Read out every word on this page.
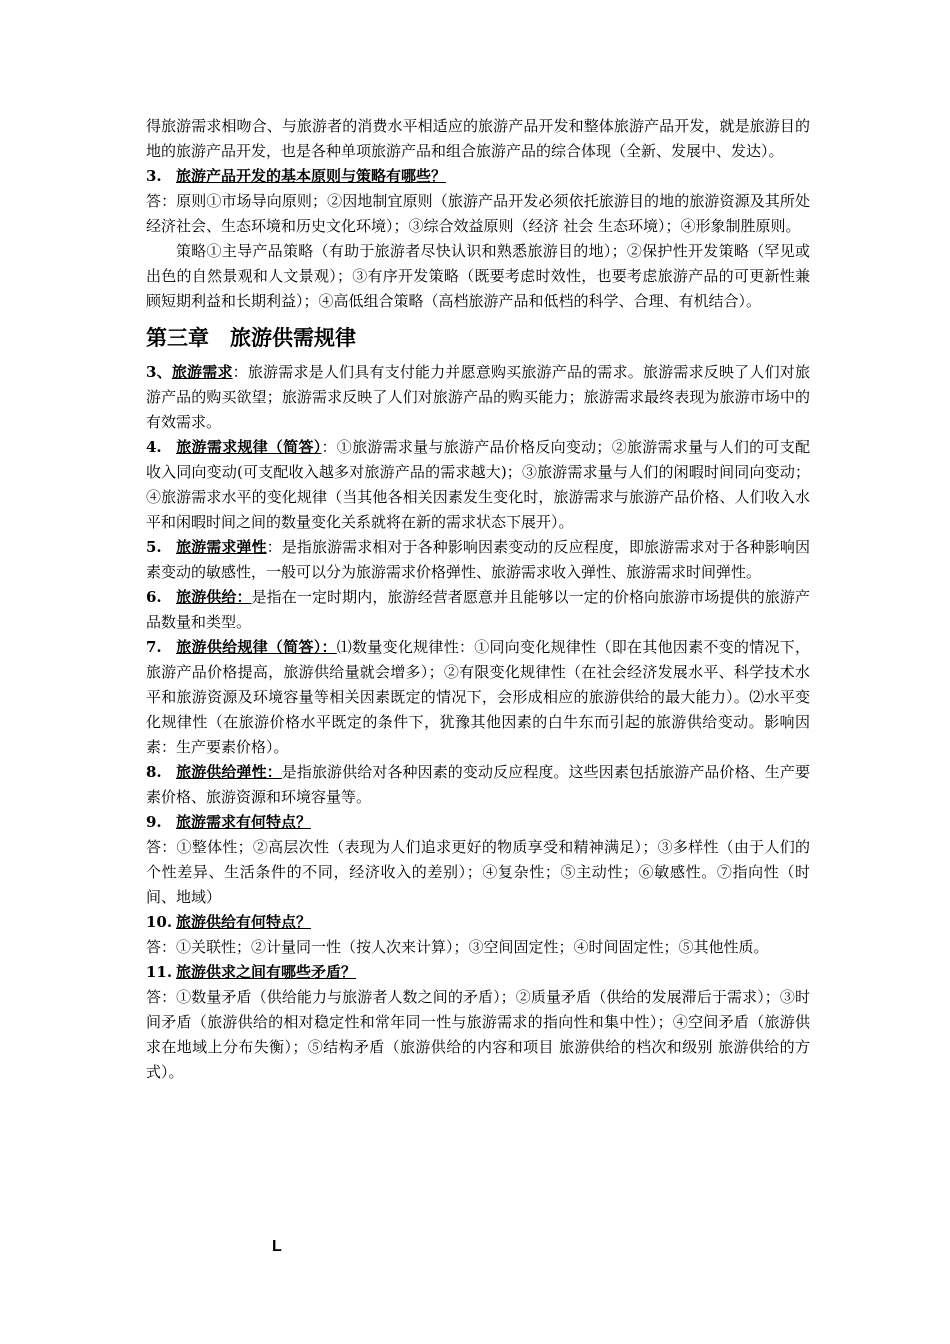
得旅游需求相吻合、与旅游者的消费水平相适应的旅游产品开发和整体旅游产品开发，就是旅游目的地的旅游产品开发，也是各种单项旅游产品和组合旅游产品的综合体现（全新、发展中、发达）。

3. 旅游产品开发的基本原则与策略有哪些？

答：原则①市场导向原则；②因地制宜原则（旅游产品开发必须依托旅游目的地的旅游资源及其所处经济社会、生态环境和历史文化环境）；③综合效益原则（经济 社会 生态环境）；④形象制胜原则。

策略①主导产品策略（有助于旅游者尽快认识和熟悉旅游目的地）；②保护性开发策略（罕见或出色的自然景观和人文景观）；③有序开发策略（既要考虑时效性，也要考虑旅游产品的可更新性兼顾短期利益和长期利益）；④高低组合策略（高档旅游产品和低档的科学、合理、有机结合）。

第三章　旅游供需规律

3、旅游需求：旅游需求是人们具有支付能力并愿意购买旅游产品的需求。旅游需求反映了人们对旅游产品的购买欲望；旅游需求反映了人们对旅游产品的购买能力；旅游需求最终表现为旅游市场中的有效需求。

4. 旅游需求规律（简答）：①旅游需求量与旅游产品价格反向变动；②旅游需求量与人们的可支配收入同向变动(可支配收入越多对旅游产品的需求越大)；③旅游需求量与人们的闲暇时间同向变动；④旅游需求水平的变化规律（当其他各相关因素发生变化时，旅游需求与旅游产品价格、人们收入水平和闲暇时间之间的数量变化关系就将在新的需求状态下展开）。

5. 旅游需求弹性：是指旅游需求相对于各种影响因素变动的反应程度，即旅游需求对于各种影响因素变动的敏感性，一般可以分为旅游需求价格弹性、旅游需求收入弹性、旅游需求时间弹性。

6. 旅游供给：是指在一定时期内，旅游经营者愿意并且能够以一定的价格向旅游市场提供的旅游产品数量和类型。

7. 旅游供给规律（简答）：⑴数量变化规律性：①同向变化规律性（即在其他因素不变的情况下，旅游产品价格提高，旅游供给量就会增多）；②有限变化规律性（在社会经济发展水平、科学技术水平和旅游资源及环境容量等相关因素既定的情况下，会形成相应的旅游供给的最大能力）。⑵水平变化规律性（在旅游价格水平既定的条件下，犹豫其他因素的白牛东而引起的旅游供给变动。影响因素：生产要素价格）。

8. 旅游供给弹性：是指旅游供给对各种因素的变动反应程度。这些因素包括旅游产品价格、生产要素价格、旅游资源和环境容量等。

9. 旅游需求有何特点？

答：①整体性；②高层次性（表现为人们追求更好的物质享受和精神满足）；③多样性（由于人们的个性差异、生活条件的不同，经济收入的差别）；④复杂性；⑤主动性；⑥敏感性。⑦指向性（时间、地域）

10. 旅游供给有何特点？

答：①关联性；②计量同一性（按人次来计算）；③空间固定性；④时间固定性；⑤其他性质。

11. 旅游供求之间有哪些矛盾？

答：①数量矛盾（供给能力与旅游者人数之间的矛盾）；②质量矛盾（供给的发展滞后于需求）；③时间矛盾（旅游供给的相对稳定性和常年同一性与旅游需求的指向性和集中性）；④空间矛盾（旅游供求在地域上分布失衡）；⑤结构矛盾（旅游供给的内容和项目 旅游供给的档次和级别 旅游供给的方式）。

L
